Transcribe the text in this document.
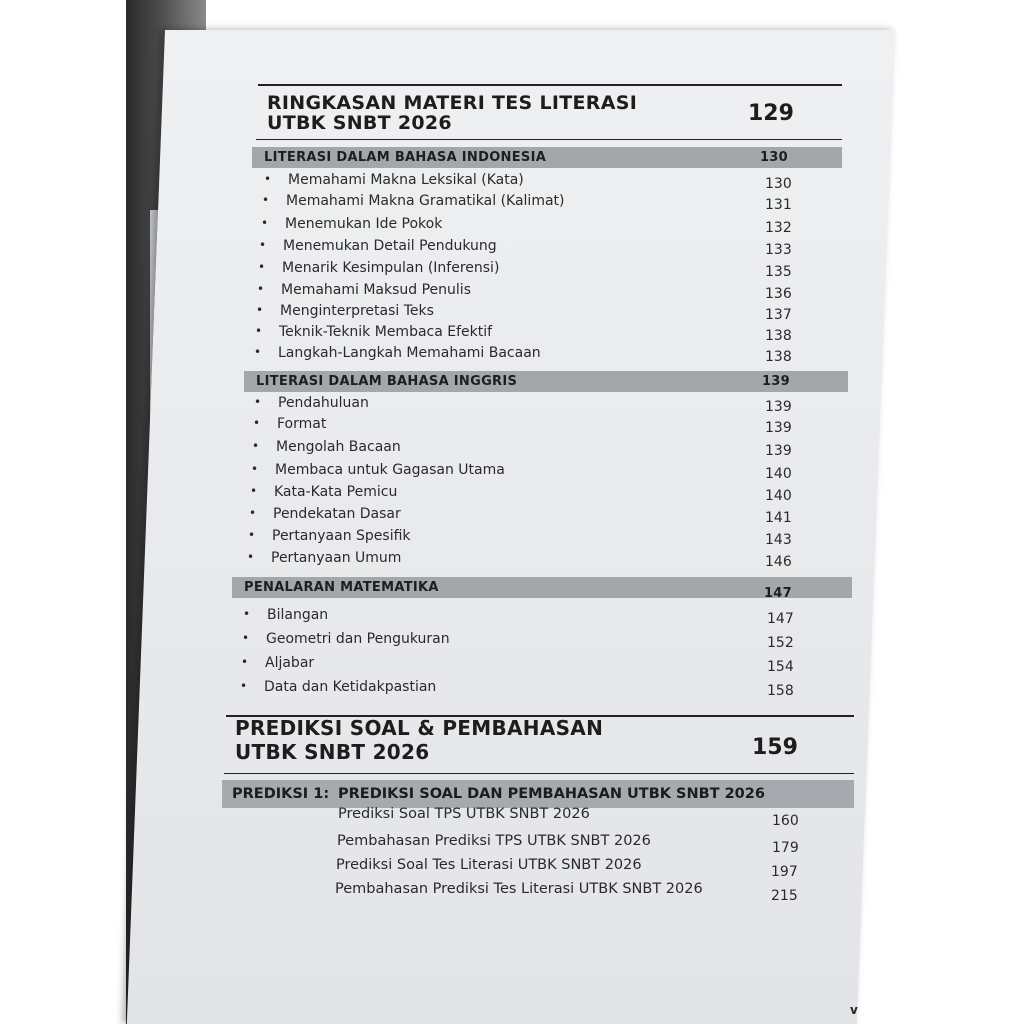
RINGKASAN MATERI TES LITERASI
UTBK SNBT 2026	129
LITERASI DALAM BAHASA INDONESIA	130
• Memahami Makna Leksikal (Kata)	130
• Memahami Makna Gramatikal (Kalimat)	131
• Menemukan Ide Pokok	132
• Menemukan Detail Pendukung	133
• Menarik Kesimpulan (Inferensi)	135
• Memahami Maksud Penulis	136
• Menginterpretasi Teks	137
• Teknik-Teknik Membaca Efektif	138
• Langkah-Langkah Memahami Bacaan	138
LITERASI DALAM BAHASA INGGRIS	139
• Pendahuluan	139
• Format	139
• Mengolah Bacaan	139
• Membaca untuk Gagasan Utama	140
• Kata-Kata Pemicu	140
• Pendekatan Dasar	141
• Pertanyaan Spesifik	143
• Pertanyaan Umum	146
PENALARAN MATEMATIKA	147
• Bilangan	147
• Geometri dan Pengukuran	152
• Aljabar	154
• Data dan Ketidakpastian	158
PREDIKSI SOAL & PEMBAHASAN
UTBK SNBT 2026	159
PREDIKSI 1: PREDIKSI SOAL DAN PEMBAHASAN UTBK SNBT 2026
Prediksi Soal TPS UTBK SNBT 2026	160
Pembahasan Prediksi TPS UTBK SNBT 2026	179
Prediksi Soal Tes Literasi UTBK SNBT 2026	197
Pembahasan Prediksi Tes Literasi UTBK SNBT 2026	215
v
